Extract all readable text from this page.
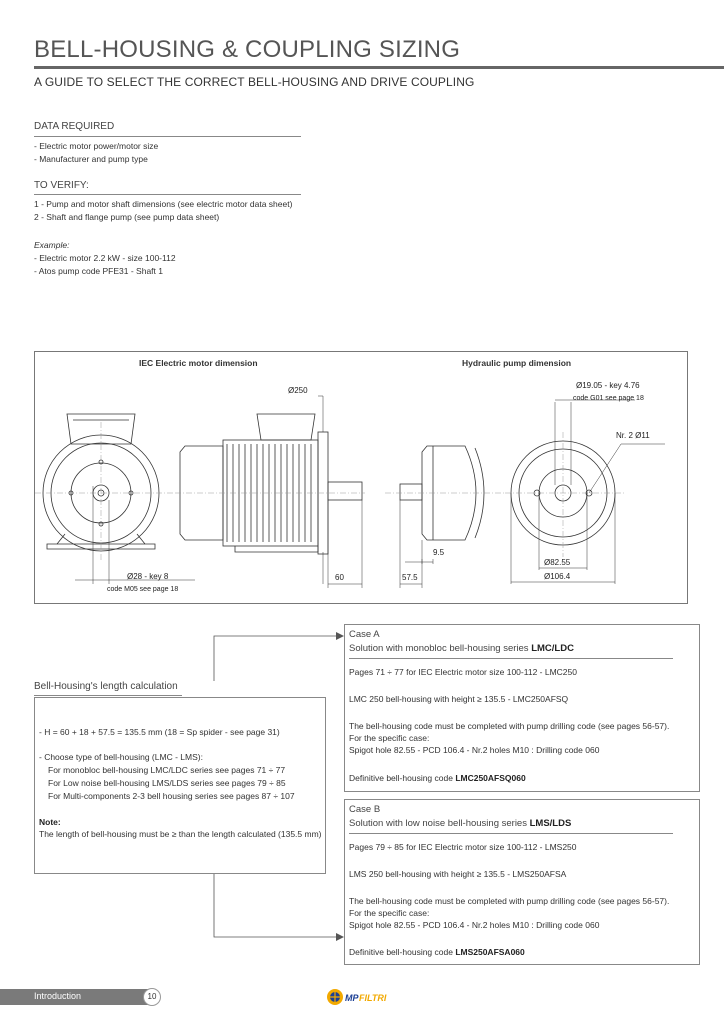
BELL-HOUSING & COUPLING SIZING
A GUIDE TO SELECT THE CORRECT BELL-HOUSING AND DRIVE COUPLING
DATA REQUIRED
- Electric motor power/motor size
- Manufacturer and pump type
TO VERIFY:
1 - Pump and motor shaft dimensions (see electric motor data sheet)
2 - Shaft and flange pump (see pump data sheet)
Example:
- Electric motor 2.2 kW - size 100-112
- Atos pump code PFE31 - Shaft 1
IEC Electric motor dimension	Hydraulic pump dimension
Ø250
Ø28 - key 8
code M05 see page 18
60	57.5
9.5
Ø19.05 - key 4.76
code G01 see page 18
Nr. 2 Ø11
Ø82.55
Ø106.4
Bell-Housing's length calculation
- H = 60 + 18 + 57.5 = 135.5 mm (18 = Sp spider - see page 31)
- Choose type of bell-housing (LMC - LMS):
For monobloc bell-housing LMC/LDC series see pages 71 ÷ 77
For Low noise bell-housing LMS/LDS series see pages 79 ÷ 85
For Multi-components 2-3 bell housing series see pages 87 ÷ 107
Note:
The length of bell-housing must be ≥ than the length calculated (135.5 mm)
Case A
Solution with monobloc bell-housing series LMC/LDC
Pages 71 ÷ 77 for IEC Electric motor size 100-112 - LMC250
LMC 250 bell-housing with height ≥ 135.5 - LMC250AFSQ
The bell-housing code must be completed with pump drilling code (see pages 56-57).
For the specific case:
Spigot hole 82.55 - PCD 106.4 - Nr.2 holes M10 : Drilling code 060
Definitive bell-housing code LMC250AFSQ060
Case B
Solution with low noise bell-housing series LMS/LDS
Pages 79 ÷ 85 for IEC Electric motor size 100-112 - LMS250
LMS 250 bell-housing with height ≥ 135.5 - LMS250AFSA
The bell-housing code must be completed with pump drilling code (see pages 56-57).
For the specific case:
Spigot hole 82.55 - PCD 106.4 - Nr.2 holes M10 : Drilling code 060
Definitive bell-housing code LMS250AFSA060
Introduction	10	MP FILTRI
